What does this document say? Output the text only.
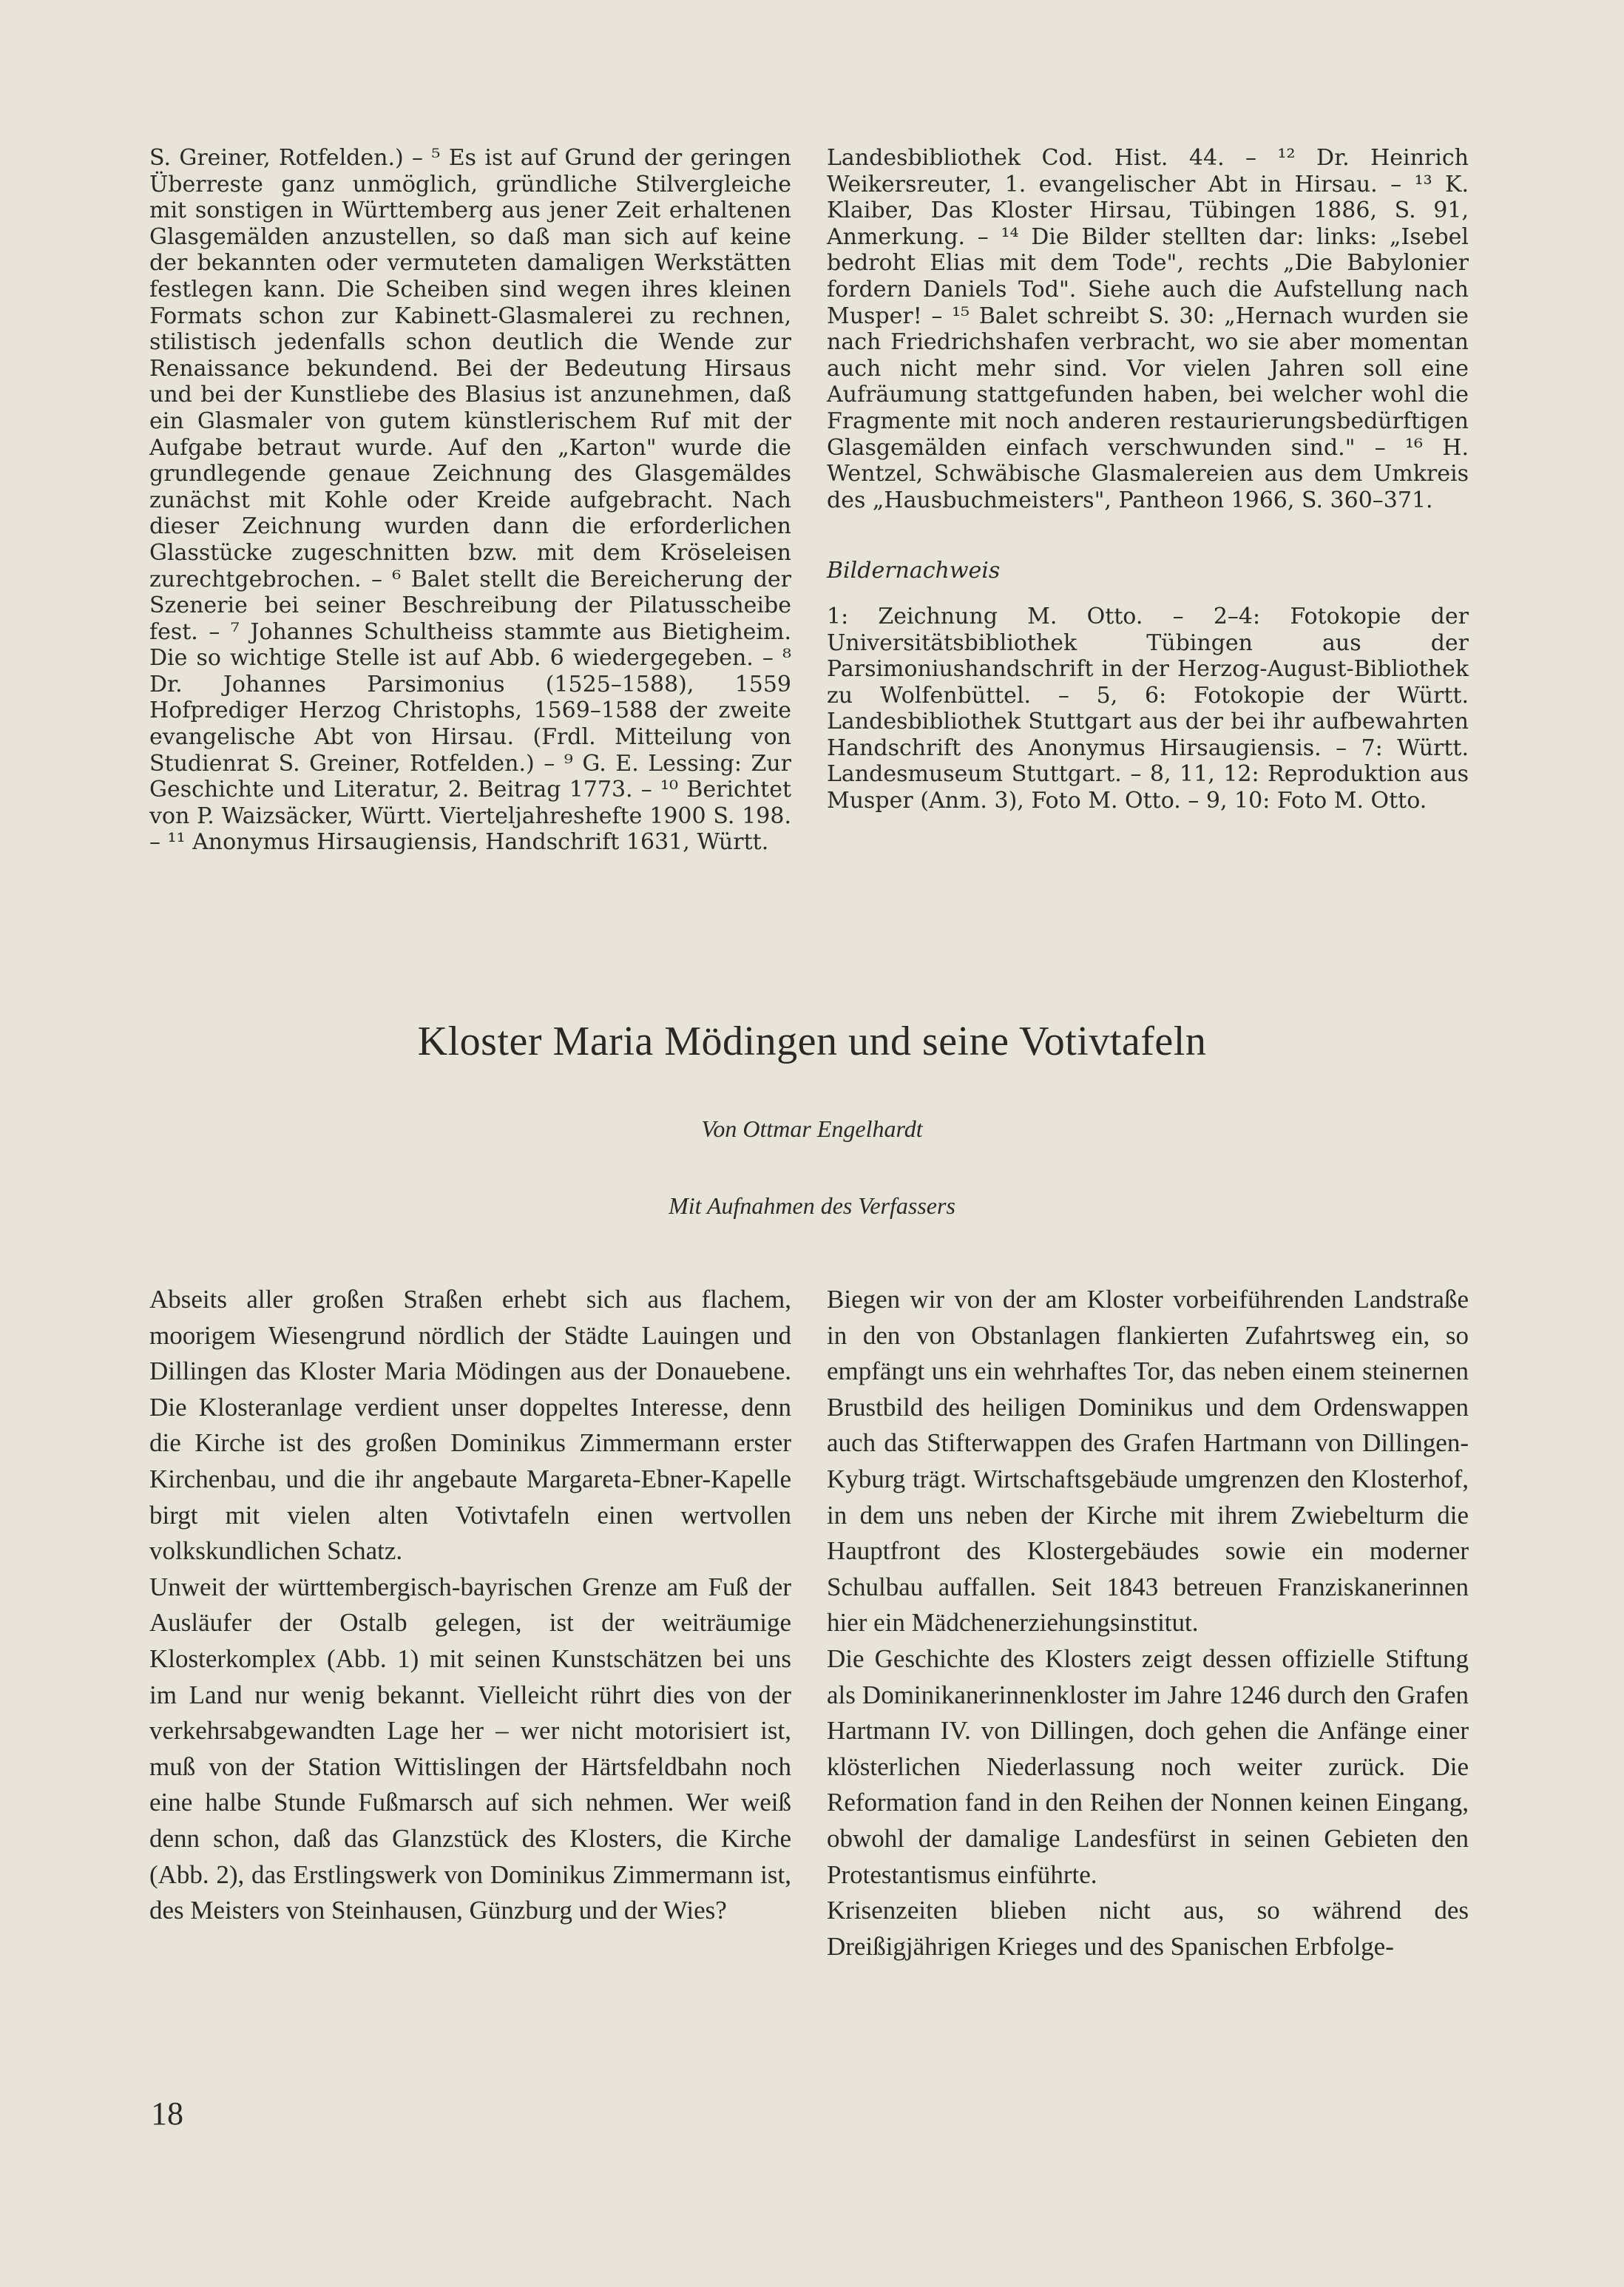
S. Greiner, Rotfelden.) – ⁵ Es ist auf Grund der geringen Überreste ganz unmöglich, gründliche Stilvergleiche mit sonstigen in Württemberg aus jener Zeit erhaltenen Glasgemälden anzustellen, so daß man sich auf keine der bekannten oder vermuteten damaligen Werkstätten festlegen kann. Die Scheiben sind wegen ihres kleinen Formats schon zur Kabinett-Glasmalerei zu rechnen, stilistisch jedenfalls schon deutlich die Wende zur Renaissance bekundend. Bei der Bedeutung Hirsaus und bei der Kunstliebe des Blasius ist anzunehmen, daß ein Glasmaler von gutem künstlerischem Ruf mit der Aufgabe betraut wurde. Auf den „Karton" wurde die grundlegende genaue Zeichnung des Glasgemäldes zunächst mit Kohle oder Kreide aufgebracht. Nach dieser Zeichnung wurden dann die erforderlichen Glasstücke zugeschnitten bzw. mit dem Kröseleisen zurechtgebrochen. – ⁶ Balet stellt die Bereicherung der Szenerie bei seiner Beschreibung der Pilatusscheibe fest. – ⁷ Johannes Schultheiss stammte aus Bietigheim. Die so wichtige Stelle ist auf Abb. 6 wiedergegeben. – ⁸ Dr. Johannes Parsimonius (1525–1588), 1559 Hofprediger Herzog Christophs, 1569–1588 der zweite evangelische Abt von Hirsau. (Frdl. Mitteilung von Studienrat S. Greiner, Rotfelden.) – ⁹ G. E. Lessing: Zur Geschichte und Literatur, 2. Beitrag 1773. – ¹⁰ Berichtet von P. Waizsäcker, Württ. Vierteljahreshefte 1900 S. 198. – ¹¹ Anonymus Hirsaugiensis, Handschrift 1631, Württ.

Landesbibliothek Cod. Hist. 44. – ¹² Dr. Heinrich Weikersreuter, 1. evangelischer Abt in Hirsau. – ¹³ K. Klaiber, Das Kloster Hirsau, Tübingen 1886, S. 91, Anmerkung. – ¹⁴ Die Bilder stellten dar: links: „Isebel bedroht Elias mit dem Tode", rechts „Die Babylonier fordern Daniels Tod". Siehe auch die Aufstellung nach Musper! – ¹⁵ Balet schreibt S. 30: „Hernach wurden sie nach Friedrichshafen verbracht, wo sie aber momentan auch nicht mehr sind. Vor vielen Jahren soll eine Aufräumung stattgefunden haben, bei welcher wohl die Fragmente mit noch anderen restaurierungsbedürftigen Glasgemälden einfach verschwunden sind." – ¹⁶ H. Wentzel, Schwäbische Glasmalereien aus dem Umkreis des „Hausbuchmeisters", Pantheon 1966, S. 360–371.

Bildernachweis

1: Zeichnung M. Otto. – 2–4: Fotokopie der Universitätsbibliothek Tübingen aus der Parsimoniushandschrift in der Herzog-August-Bibliothek zu Wolfenbüttel. – 5, 6: Fotokopie der Württ. Landesbibliothek Stuttgart aus der bei ihr aufbewahrten Handschrift des Anonymus Hirsaugiensis. – 7: Württ. Landesmuseum Stuttgart. – 8, 11, 12: Reproduktion aus Musper (Anm. 3), Foto M. Otto. – 9, 10: Foto M. Otto.

Kloster Maria Mödingen und seine Votivtafeln
Von Ottmar Engelhardt
Mit Aufnahmen des Verfassers

Abseits aller großen Straßen erhebt sich aus flachem, moorigem Wiesengrund nördlich der Städte Lauingen und Dillingen das Kloster Maria Mödingen aus der Donauebene. Die Klosteranlage verdient unser doppeltes Interesse, denn die Kirche ist des großen Dominikus Zimmermann erster Kirchenbau, und die ihr angebaute Margareta-Ebner-Kapelle birgt mit vielen alten Votivtafeln einen wertvollen volkskundlichen Schatz.

Unweit der württembergisch-bayrischen Grenze am Fuß der Ausläufer der Ostalb gelegen, ist der weiträumige Klosterkomplex (Abb. 1) mit seinen Kunstschätzen bei uns im Land nur wenig bekannt. Vielleicht rührt dies von der verkehrsabgewandten Lage her – wer nicht motorisiert ist, muß von der Station Wittislingen der Härtsfeldbahn noch eine halbe Stunde Fußmarsch auf sich nehmen. Wer weiß denn schon, daß das Glanzstück des Klosters, die Kirche (Abb. 2), das Erstlingswerk von Dominikus Zimmermann ist, des Meisters von Steinhausen, Günzburg und der Wies?

Biegen wir von der am Kloster vorbeiführenden Landstraße in den von Obstanlagen flankierten Zufahrtsweg ein, so empfängt uns ein wehrhaftes Tor, das neben einem steinernen Brustbild des heiligen Dominikus und dem Ordenswappen auch das Stifterwappen des Grafen Hartmann von Dillingen-Kyburg trägt. Wirtschaftsgebäude umgrenzen den Klosterhof, in dem uns neben der Kirche mit ihrem Zwiebelturm die Hauptfront des Klostergebäudes sowie ein moderner Schulbau auffallen. Seit 1843 betreuen Franziskanerinnen hier ein Mädchenerziehungsinstitut.

Die Geschichte des Klosters zeigt dessen offizielle Stiftung als Dominikanerinnenkloster im Jahre 1246 durch den Grafen Hartmann IV. von Dillingen, doch gehen die Anfänge einer klösterlichen Niederlassung noch weiter zurück. Die Reformation fand in den Reihen der Nonnen keinen Eingang, obwohl der damalige Landesfürst in seinen Gebieten den Protestantismus einführte.

Krisenzeiten blieben nicht aus, so während des Dreißigjährigen Krieges und des Spanischen Erbfolge-

18
